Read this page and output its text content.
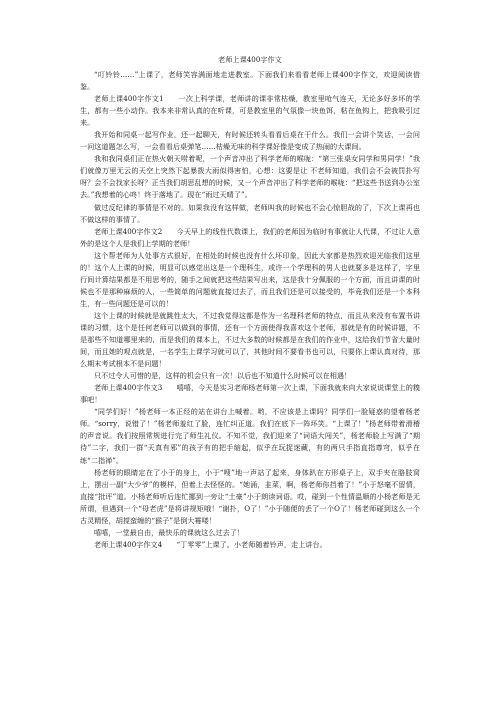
老师上课400字作文

“叮铃铃……”上课了，老师笑容满面地走进教室。下面我们来看看老师上课400字作文，欢迎阅读借鉴。

老师上课400字作文1　　一次上科学课，老师讲的课非常枯燥，教室里呛气连天，无论多好多坏的学生，都有一些小动作。我本来非常认真的在听课，可是教室里的气氛像一块鱼饵，粘在鱼钩上，把我吸引过来。

我开始和同桌一起写作业，还一起聊天，有时候还转头看看后桌在干什么。我们一会讲个笑话，一会问一问这道题怎么写，一会看看后桌弹笔……枯燥无味的科学课好像是变成了热闹的大课间。

我和我同桌们正在热火朝天唠着呢，一个声音冲出了科学老师的喉咙：“第三张桌女同学和男同学！”我们就像万里无云的天空上突然下起暴拨大雨似得害怕，心想：这要是让 不老师知道，我们会不会被罚扑写呀？会不会找家长呀？正当我们胡思乱想的时候，又一个声音冲出了科学老师的喉咙：“把这些书送到办公室去。”我想着的心咚！终于落地了。现在“雨过天晴了”。

做过反纪律的事情是不对的。如果我没有这样做，老师叫我的时候也不会心惊胆战的了，下次上课再也不做这样的事情了。

老师上课400字作文2　　今天早上的线性代数课上，我们的老师因为临时有事就让人代课，不过让人意外的是这个人是我们上学期的老师！

这个帮老师为人处事方式很好，在相处的时候也没有什么坏印象，因此大家都是热烈欢迎光临我们这里的！这个人上课的时候，明显可以感觉出这是一个理科生，或许一个学理科的男人也就要多是这样了，字里行间计算结果都是不用思考的，随手之间就把这些结果写出来，这是我十分佩服的一个方面，而且讲课的时候也不是那种麻烦的人，一些简单的问题就直接过去了，而且我们还是可以接受的，毕竟我们还是一个本科生，有一些问题还是可以的！

这个上课的时候就是就跳性太大，不过我觉得这都是作为一名理科老师的特点，而且从来没有布置书讲课的习惯，这个是任何老师可以做到的事情，还有一个方面使得我喜欢这个老师，那就是有的时候讲题，不是那些不知道哪里来的，而是我们的课本上，不过大多数的时候都是在我们的作业中，这给我们节省大量时间，而且她的观点就是，一名学生上课学习就可以了，其他时间不要看书也可以，只要你上课认真对待，那么期末考试根本不是问题！

只不过令人可惜的是，这样的机会只有一次！以后也不知道什么时候可以在相遇！

老师上课400字作文3　　嘻嘻，今天是实习老师杨老师第一次上课，下面我就来向大家说说课堂上的糗事吧！

“同学们好！”杨老师一本正经的站在讲台上喊着。哟，不应该是上课吗？同学们一脸疑惑的望着杨老师。“sorry，说错了！”杨老师羞红了脸，连忙纠正道。我们在底下一阵坏笑。“上课了！”杨老师带着滑稽的声音说。我们按照常规进行完了师生礼仪。不知不觉，我们迎来了“词语大闯关”，杨老师脸上写满了“期待”二字，我们一群“天真有邪”的孩子有的把手缩起，似乎在玩捉迷藏，有的两只手指直指尊穹，似乎在练“二指禅”。

杨老师的眼睛定在了小于的身上，小于“嗖”地一声站了起来，身体趴在方形桌子上，双手夹在胳肢窝上，摆出一副“大少爷”的模样，但着上去怪怪的。“她涌，韭菜，啊，杨老师你挡着了！”小于怒毫不留情，直接“批评”道。小杨老师听后连忙挪到一旁让“土豪”小于朗读词语。哎，碰到一个性情温顺的小杨老师是无所谓，但遇到一个“母老虎”是将讲规矩哦！“谢扑，O了！”小于随便的丢了一个O了！杨老师碰到这么一个古灵精怪，胡搅蛮缠的“猴子”是倒大霉喽！

嘻嘻，一堂最自由，最快乐的课就这么过去了！

老师上课400字作文4　　“丁零零”上课了。小老师随着铃声，走上讲台。
